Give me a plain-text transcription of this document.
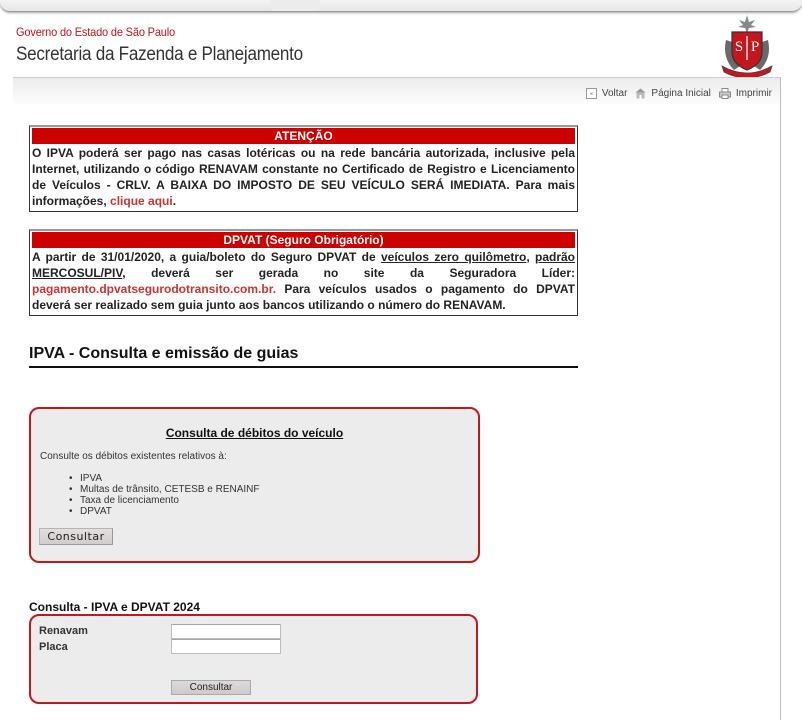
Governo do Estado de São Paulo
Secretaria da Fazenda e Planejamento	S P
« Voltar Página Inicial	Imprimir
ATENÇÃO
O IPVA poderá ser pago nas casas lotéricas ou na rede bancária autorizada, inclusive pela Internet, utilizando o código RENAVAM constante no Certificado de Registro e Licenciamento de Veículos - CRLV. A BAIXA DO IMPOSTO DE SEU VEÍCULO SERÁ IMEDIATA. Para mais informações, clique aqui.
DPVAT (Seguro Obrigatório)
A partir de 31/01/2020, a guia/boleto do Seguro DPVAT de veículos zero quilômetro, padrão MERCOSUL/PIV, deverá ser gerada no site da Seguradora Líder: pagamento.dpvatsegurodotransito.com.br. Para veículos usados o pagamento do DPVAT deverá ser realizado sem guia junto aos bancos utilizando o número do RENAVAM.
IPVA - Consulta e emissão de guias
Consulta de débitos do veículo
Consulte os débitos existentes relativos à:
• IPVA
• Multas de trânsito, CETESB e RENAINF
• Taxa de licenciamento
• DPVAT
Consultar
Consulta - IPVA e DPVAT 2024
Renavam
Placa
Consultar
